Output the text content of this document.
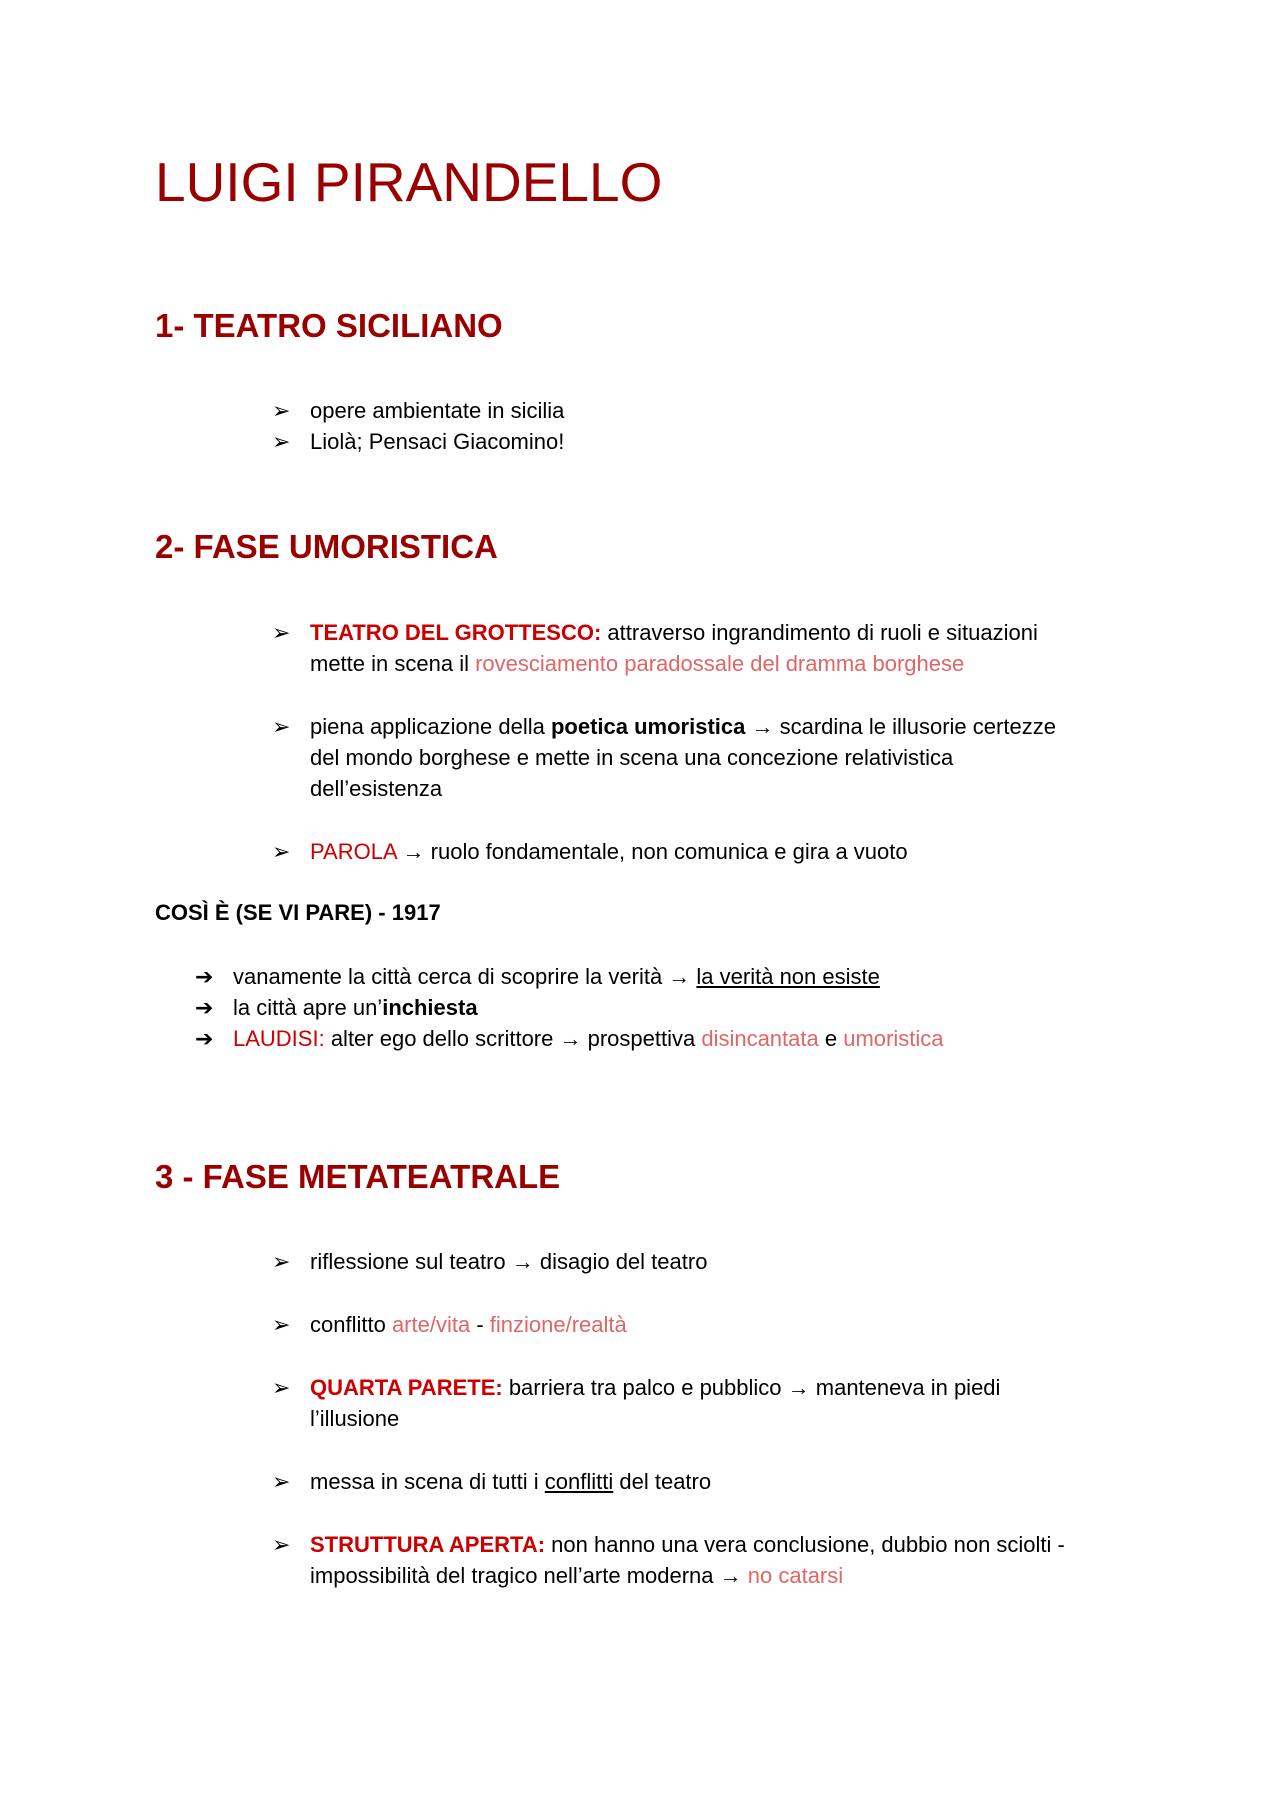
LUIGI PIRANDELLO
1- TEATRO SICILIANO
➢ opere ambientate in sicilia
➢ Liolà; Pensaci Giacomino!
2- FASE UMORISTICA
➢ TEATRO DEL GROTTESCO: attraverso ingrandimento di ruoli e situazioni
mette in scena il rovesciamento paradossale del dramma borghese
➢ piena applicazione della poetica umoristica → scardina le illusorie certezze
del mondo borghese e mette in scena una concezione relativistica
dell’esistenza
➢ PAROLA → ruolo fondamentale, non comunica e gira a vuoto
COSÌ È (SE VI PARE) - 1917
➔ vanamente la città cerca di scoprire la verità → la verità non esiste
➔ la città apre un’inchiesta
➔ LAUDISI: alter ego dello scrittore → prospettiva disincantata e umoristica
3 - FASE METATEATRALE
➢ riflessione sul teatro → disagio del teatro
➢ conflitto arte/vita - finzione/realtà
➢ QUARTA PARETE: barriera tra palco e pubblico → manteneva in piedi
l’illusione
➢ messa in scena di tutti i conflitti del teatro
➢ STRUTTURA APERTA: non hanno una vera conclusione, dubbio non sciolti -
impossibilità del tragico nell’arte moderna → no catarsi
